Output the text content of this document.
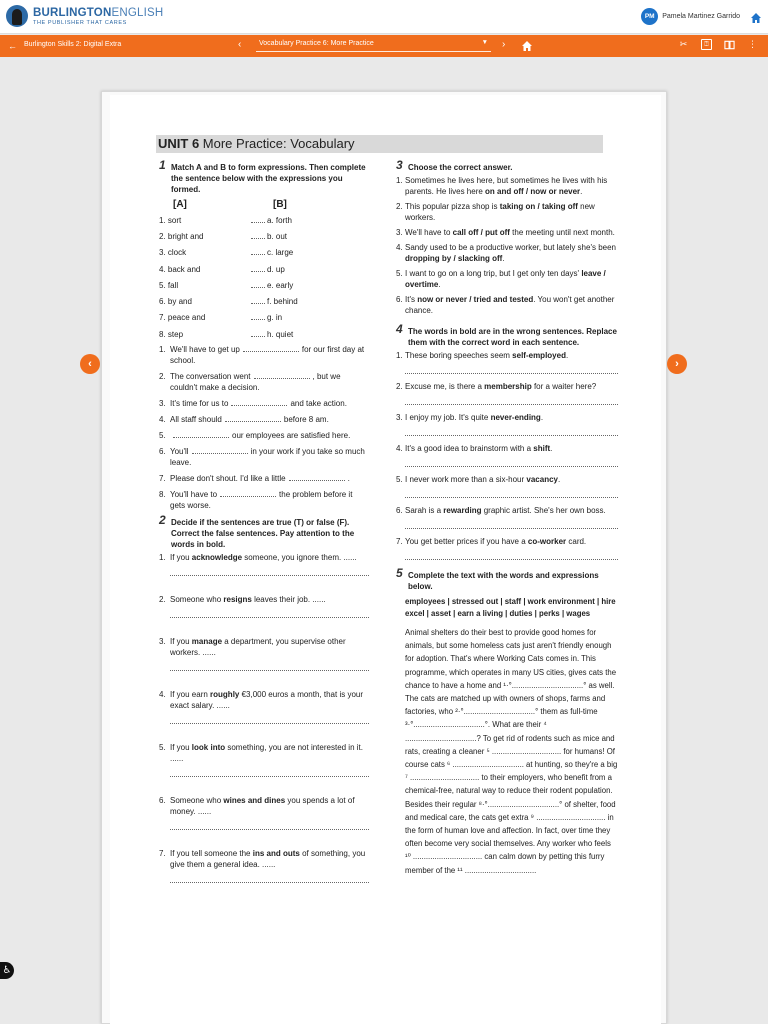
BURLINGTONENGLISH
THE PUBLISHER THAT CARES
PM	Pamela Martinez Garrido
← Burlington Skills 2: Digital Extra	‹	Vocabulary Practice 6: More Practice	▼ ›	✂	⍰	⋮
UNIT 6 More Practice: Vocabulary
1 Match A and B to form expressions. Then complete the sentence below with the expressions you formed.
[A]	[B]
1. sort	a. forth
2. bright and	b. out
3. clock	c. large
4. back and	d. up
5. fall	e. early
6. by and	f. behind
7. peace and	g. in
8. step	h. quiet
1. We'll have to get up	for our first day at school.
2. The conversation went	, but we couldn't make a decision.
3. It's time for us to	and take action.
4. All staff should	before 8 am.
5.	our employees are satisfied here.
6. You'll	in your work if you take so much leave.
7. Please don't shout. I'd like a little	.
8. You'll have to	the problem before it gets worse.
2 Decide if the sentences are true (T) or false (F). Correct the false sentences. Pay attention to the words in bold.
1. If you acknowledge someone, you ignore them. ......
2. Someone who resigns leaves their job. ......
3. If you manage a department, you supervise other workers. ......
4. If you earn roughly €3,000 euros a month, that is your exact salary. ......
5. If you look into something, you are not interested in it. ......
6. Someone who wines and dines you spends a lot of money. ......
7. If you tell someone the ins and outs of something, you give them a general idea. ......
3 Choose the correct answer.
1. Sometimes he lives here, but sometimes he lives with his parents. He lives here on and off / now or never.
2. This popular pizza shop is taking on / taking off new workers.
3. We'll have to call off / put off the meeting until next month.
4. Sandy used to be a productive worker, but lately she's been dropping by / slacking off.
5. I want to go on a long trip, but I get only ten days' leave / overtime.
6. It's now or never / tried and tested. You won't get another chance.
4 The words in bold are in the wrong sentences. Replace them with the correct word in each sentence.
1. These boring speeches seem self-employed.
2. Excuse me, is there a membership for a waiter here?
3. I enjoy my job. It's quite never-ending.
4. It's a good idea to brainstorm with a shift.
5. I never work more than a six-hour vacancy.
6. Sarah is a rewarding graphic artist. She's her own boss.
7. You get better prices if you have a co-worker card.
5 Complete the text with the words and expressions below.
employees | stressed out | staff | work environment | hire
excel | asset | earn a living | duties | perks | wages
Animal shelters do their best to provide good homes for animals, but some homeless cats just aren't friendly enough for adoption. That's where Working Cats comes in. This programme, which operates in many US cities, gives cats the chance to have a home and ¹·°.................................° as well. The cats are matched up with owners of shops, farms and factories, who ²·°.................................° them as full-time ³·°.................................°. What are their ⁴ .................................? To get rid of rodents such as mice and rats, creating a cleaner ⁵ ................................ for humans! Of course cats ⁶ ................................. at hunting, so they're a big ⁷ ................................ to their employers, who benefit from a chemical-free, natural way to reduce their rodent population. Besides their regular ⁸·°.................................° of shelter, food and medical care, the cats get extra ⁹ ................................ in the form of human love and affection. In fact, over time they often become very social themselves. Any worker who feels ¹⁰ ................................ can calm down by petting this furry member of the ¹¹ .................................
‹	›
♿
